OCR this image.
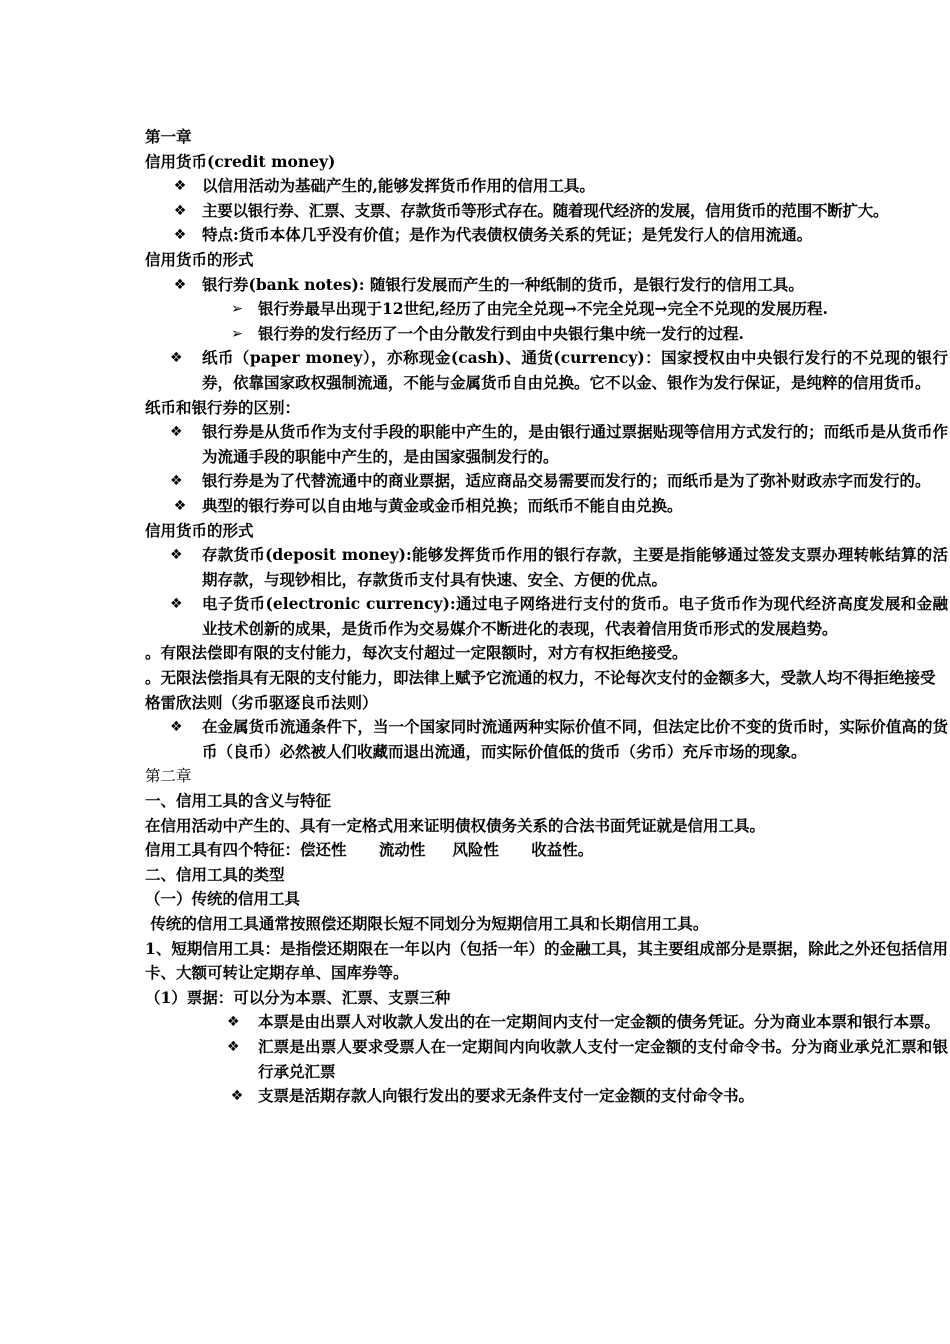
第一章

信用货币(credit money)

❖ 以信用活动为基础产生的,能够发挥货币作用的信用工具。
❖ 主要以银行券、汇票、支票、存款货币等形式存在。随着现代经济的发展，信用货币的范围不断扩大。
❖ 特点:货币本体几乎没有价值；是作为代表债权债务关系的凭证；是凭发行人的信用流通。

信用货币的形式

❖ 银行券(bank notes): 随银行发展而产生的一种纸制的货币，是银行发行的信用工具。
➢ 银行券最早出现于12世纪,经历了由完全兑现→不完全兑现→完全不兑现的发展历程.
➢ 银行券的发行经历了一个由分散发行到由中央银行集中统一发行的过程.
❖	纸币（paper money），亦称现金(cash)、通货(currency)：国家授权由中央银行发行的不兑现的银行券，依靠国家政权强制流通，不能与金属货币自由兑换。它不以金、银作为发行保证，是纯粹的信用货币。

纸币和银行券的区别：

❖	银行券是从货币作为支付手段的职能中产生的，是由银行通过票据贴现等信用方式发行的；而纸币是从货币作为流通手段的职能中产生的，是由国家强制发行的。
❖	银行券是为了代替流通中的商业票据，适应商品交易需要而发行的；而纸币是为了弥补财政赤字而发行的。
❖ 典型的银行券可以自由地与黄金或金币相兑换；而纸币不能自由兑换。

信用货币的形式

❖	存款货币(deposit money):能够发挥货币作用的银行存款，主要是指能够通过签发支票办理转帐结算的活期存款，与现钞相比，存款货币支付具有快速、安全、方便的优点。
❖	电子货币(electronic currency):通过电子网络进行支付的货币。电子货币作为现代经济高度发展和金融业技术创新的成果，是货币作为交易媒介不断进化的表现，代表着信用货币形式的发展趋势。

。有限法偿即有限的支付能力，每次支付超过一定限额时，对方有权拒绝接受。

。无限法偿指具有无限的支付能力，即法律上赋予它流通的权力，不论每次支付的金额多大，受款人均不得拒绝接受

格雷欣法则（劣币驱逐良币法则）

❖	在金属货币流通条件下，当一个国家同时流通两种实际价值不同，但法定比价不变的货币时，实际价值高的货币（良币）必然被人们收藏而退出流通，而实际价值低的货币（劣币）充斥市场的现象。

第二章

一、信用工具的含义与特征

在信用活动中产生的、具有一定格式用来证明债权债务关系的合法书面凭证就是信用工具。

信用工具有四个特征：偿还性      流动性     风险性      收益性。

二、信用工具的类型

（一）传统的信用工具

传统的信用工具通常按照偿还期限长短不同划分为短期信用工具和长期信用工具。

1、短期信用工具：是指偿还期限在一年以内（包括一年）的金融工具，其主要组成部分是票据，除此之外还包括信用卡、大额可转让定期存单、国库券等。

（1）票据：可以分为本票、汇票、支票三种

❖	本票是由出票人对收款人发出的在一定期间内支付一定金额的债务凭证。分为商业本票和银行本票。
❖	汇票是出票人要求受票人在一定期间内向收款人支付一定金额的支付命令书。分为商业承兑汇票和银行承兑汇票
❖ 支票是活期存款人向银行发出的要求无条件支付一定金额的支付命令书。
